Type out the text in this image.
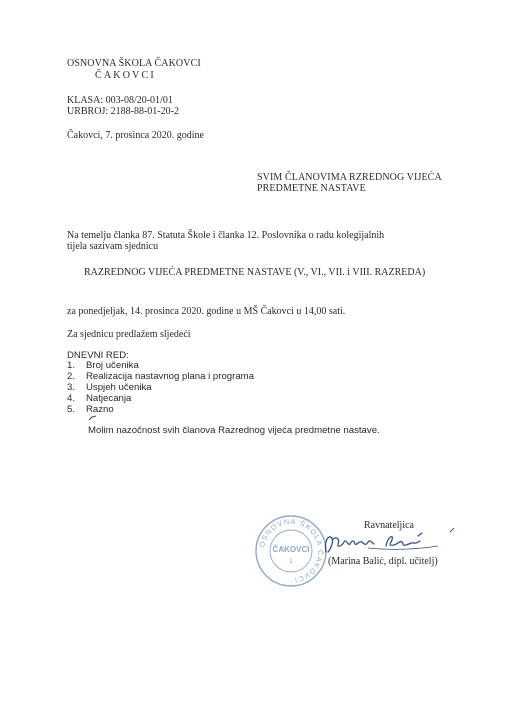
OSNOVNA ŠKOLA ČAKOVCI

ČAKOVCI

KLASA: 003-08/20-01/01

URBROJ: 2188-88-01-20-2

Čakovci, 7. prosinca 2020. godine

SVIM ČLANOVIMA RZREDNOG VIJEĆA

PREDMETNE NASTAVE

Na temelju članka 87. Statuta Škole i članka 12. Poslovnika o radu kolegijalnih tijela sazivam sjednicu

RAZREDNOG VIJEĆA PREDMETNE NASTAVE (V., VI., VII. i VIII. RAZREDA)

za ponedjeljak, 14. prosinca 2020. godine u MŠ Čakovci u 14,00 sati.

Za sjednicu predlažem sljedeći

DNEVNI RED:

1. Broj učenika
2. Realizacija nastavnog plana i programa
3. Uspjeh učenika
4. Natjecanja
5. Razno

Molim nazočnost svih članova Razrednog vijeća predmetne nastave.

Ravnateljica

OSNOVNA ŠKOLA ČAKOVCI
ČAKOVCI
1	(Marina Balić, dipl. učitelj)
